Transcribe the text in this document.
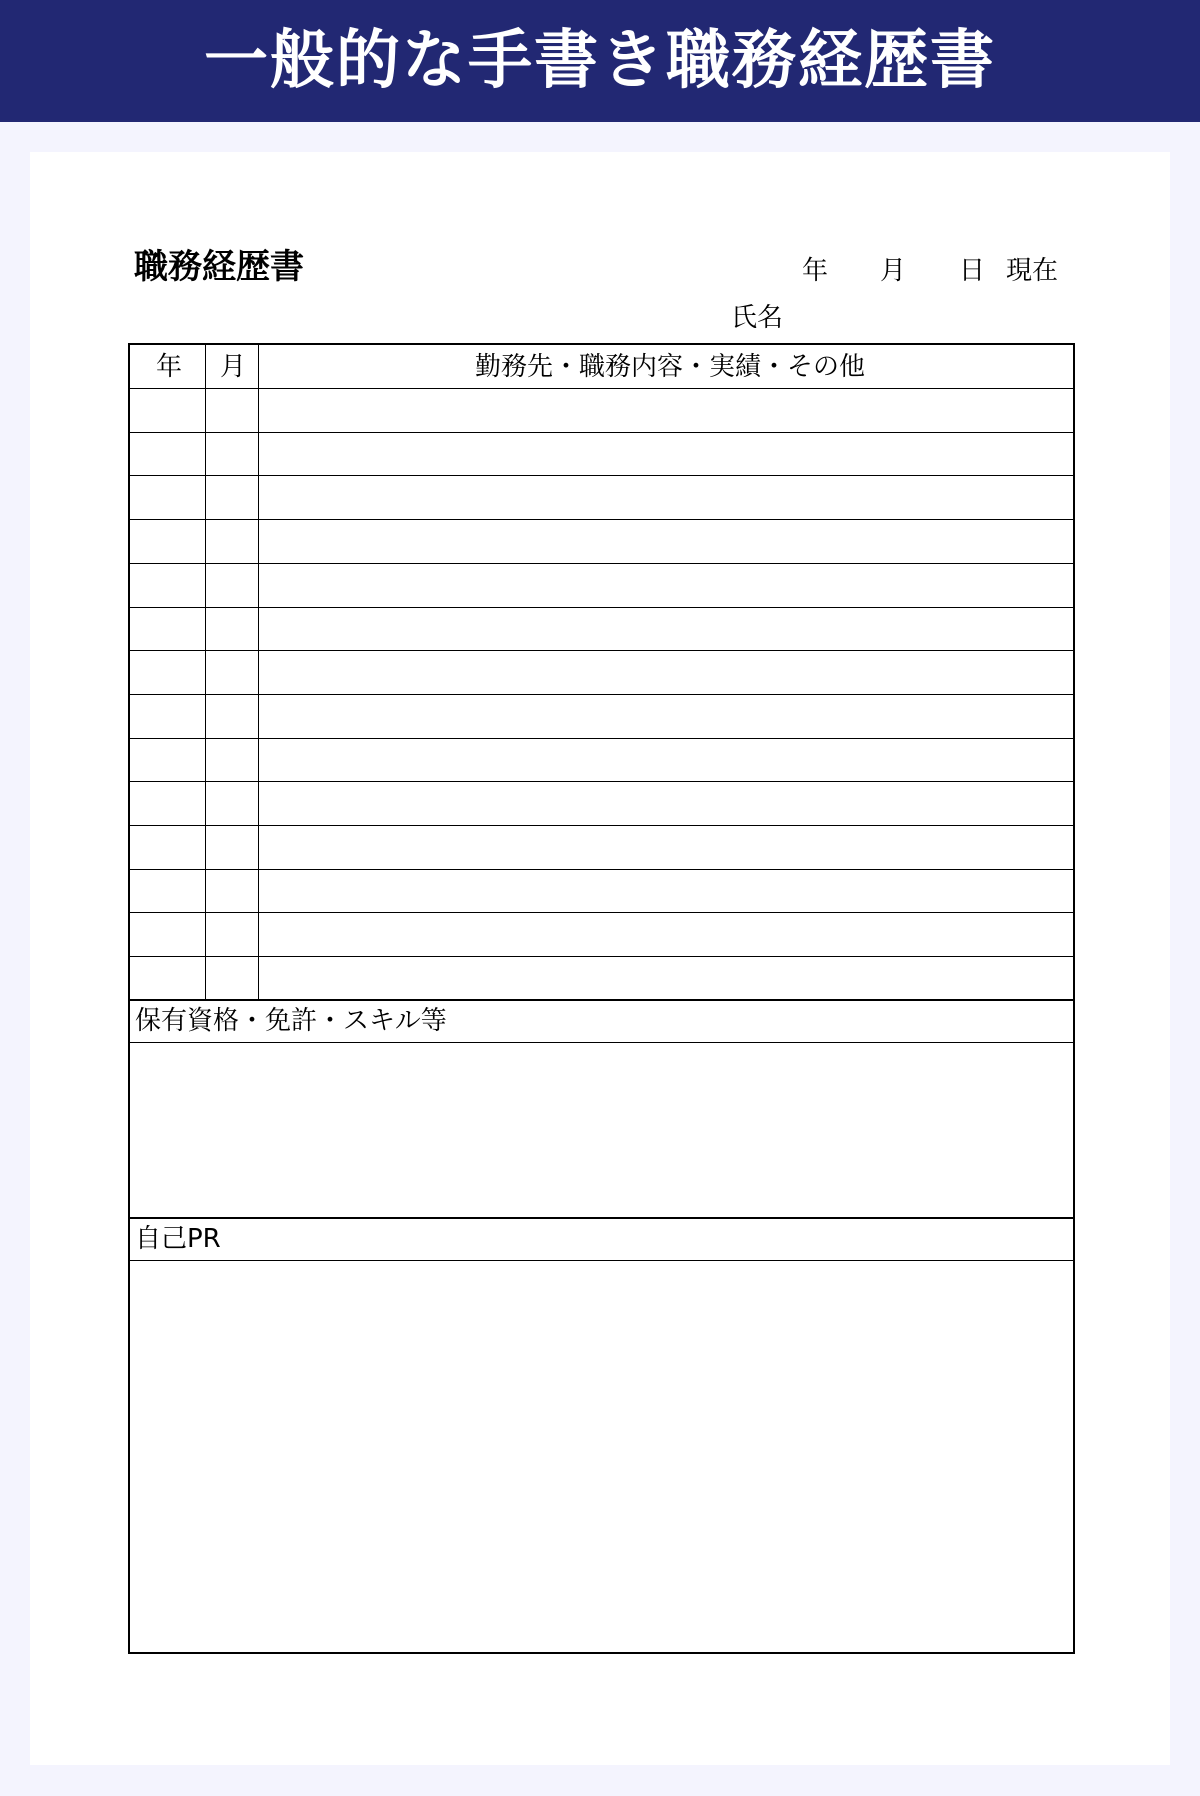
一般的な手書き職務経歴書
職務経歴書	年 月 日 現在
氏名
年 月	勤務先・職務内容・実績・その他
保有資格・免許・スキル等
自己PR
